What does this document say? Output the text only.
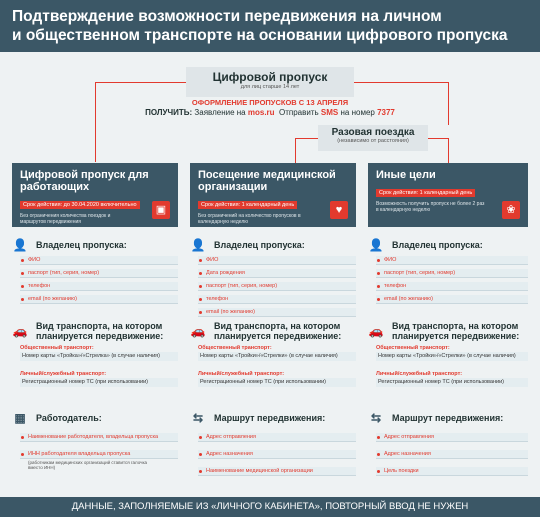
Подтверждение возможности передвижения на личном
и общественном транспорте на основании цифрового пропуска
Цифровой пропуск
для лиц старше 14 лет
ОФОРМЛЕНИЕ ПРОПУСКОВ С 13 АПРЕЛЯ
ПОЛУЧИТЬ: Заявление на mos.ru Отправить SMS на номер 7377
Разовая поездка
(независимо от расстояния)
Цифровой пропуск для работающих
Срок действия: до 30.04.2020 включительно
Без ограничения количества поездок и маршрутов передвижения
▣
👤 Владелец пропуска:
ФИО
паспорт (тип, серия, номер)
телефон
email (по желанию)
🚗 Вид транспорта, на котором планируется передвижение:
Общественный транспорт:
Номер карты «Тройка»/«Стрелка» (в случае наличия)
Личный/служебный транспорт:
Регистрационный номер ТС (при использовании)
▦ Работодатель:
Наименование работодателя, владельца пропуска
ИНН работодателя владельца пропуска
(работникам медицинских организаций ставится галочка вместо ИНН)
Посещение медицинской организации
Срок действия: 1 календарный день
Без ограничений на количество пропусков в календарную неделю
♥
👤 Владелец пропуска:
ФИО
Дата рождения
паспорт (тип, серия, номер)
телефон
email (по желанию)
🚗 Вид транспорта, на котором планируется передвижение:
Общественный транспорт:
Номер карты «Тройки»/«Стрелки» (в случае наличия)
Личный/служебный транспорт:
Регистрационный номер ТС (при использовании)
⇆	Маршрут передвижения:
Адрес отправления
Адрес назначения
Наименование медицинской организации
Иные цели
Срок действия: 1 календарный день
Возможность получить пропуск не более 2 раз в календарную неделю	❀
👤 Владелец пропуска:
ФИО
паспорт (тип, серия, номер)
телефон
email (по желанию)
🚗 Вид транспорта, на котором планируется передвижение:
Общественный транспорт:
Номер карты «Тройки»/«Стрелки» (в случае наличия)
Личный/служебный транспорт:
Регистрационный номер ТС (при использовании)
⇆	Маршрут передвижения:
Адрес отправления
Адрес назначения
Цель поездки
ДАННЫЕ, ЗАПОЛНЯЕМЫЕ ИЗ «ЛИЧНОГО КАБИНЕТА», ПОВТОРНЫЙ ВВОД НЕ НУЖЕН
